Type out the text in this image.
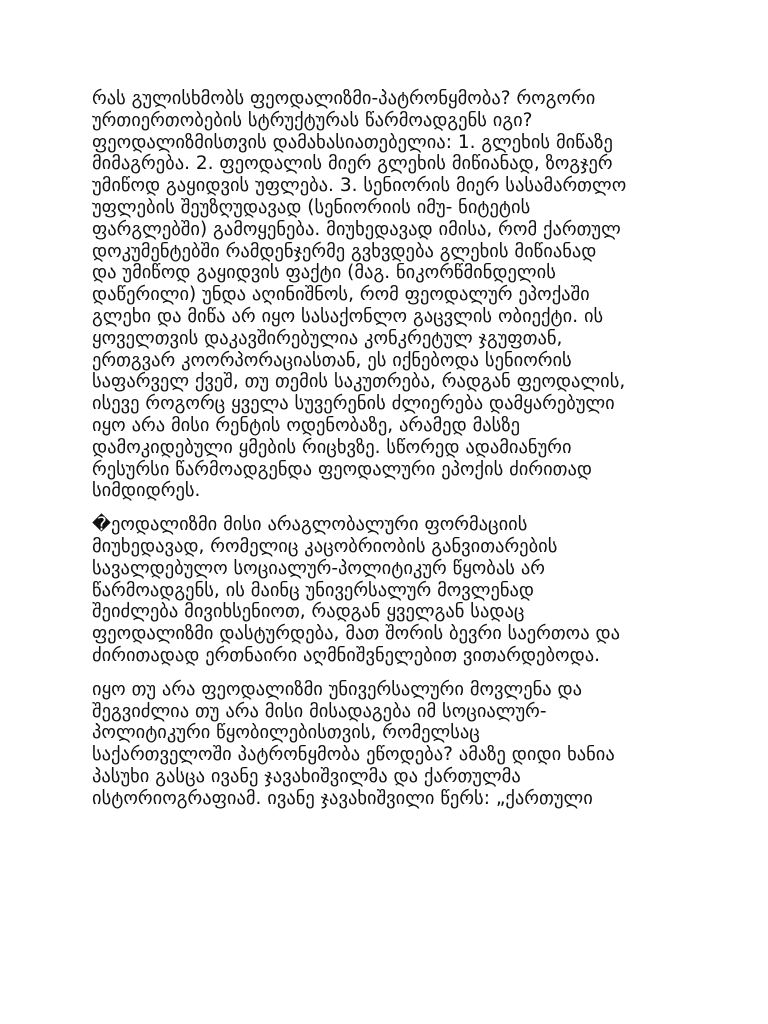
რას გულისხმობს ფეოდალიზმი-პატრონყმობა? როგორი
ურთიერთობების სტრუქტურას წარმოადგენს იგი?
ფეოდალიზმისთვის დამახასიათებელია: 1. გლეხის მიწაზე
მიმაგრება. 2. ფეოდალის მიერ გლეხის მიწიანად, ზოგჯერ
უმიწოდ გაყიდვის უფლება. 3. სენიორის მიერ სასამართლო
უფლების შეუზღუდავად (სენიორიის იმუ- ნიტეტის
ფარგლებში) გამოყენება. მიუხედავად იმისა, რომ ქართულ
დოკუმენტებში რამდენჯერმე გვხვდება გლეხის მიწიანად
და უმიწოდ გაყიდვის ფაქტი (მაგ. ნიკორწმინდელის
დაწერილი) უნდა აღინიშნოს, რომ ფეოდალურ ეპოქაში
გლეხი და მიწა არ იყო სასაქონლო გაცვლის ობიექტი. ის
ყოველთვის დაკავშირებულია კონკრეტულ ჯგუფთან,
ერთგვარ კოორპორაციასთან, ეს იქნებოდა სენიორის
საფარველ ქვეშ, თუ თემის საკუთრება, რადგან ფეოდალის,
ისევე როგორც ყველა სუვერენის ძლიერება დამყარებული
იყო არა მისი რენტის ოდენობაზე, არამედ მასზე
დამოკიდებული ყმების რიცხვზე. სწორედ ადამიანური
რესურსი წარმოადგენდა ფეოდალური ეპოქის ძირითად
სიმდიდრეს.

�ეოდალიზმი მისი არაგლობალური ფორმაციის
მიუხედავად, რომელიც კაცობრიობის განვითარების
სავალდებულო სოციალურ-პოლიტიკურ წყობას არ
წარმოადგენს, ის მაინც უნივერსალურ მოვლენად
შეიძლება მივიხსენიოთ, რადგან ყველგან სადაც
ფეოდალიზმი დასტურდება, მათ შორის ბევრი საერთოა და
ძირითადად ერთნაირი აღმნიშვნელებით ვითარდებოდა.

იყო თუ არა ფეოდალიზმი უნივერსალური მოვლენა და
შეგვიძლია თუ არა მისი მისადაგება იმ სოციალურ-
პოლიტიკური წყობილებისთვის, რომელსაც
საქართველოში პატრონყმობა ეწოდება? ამაზე დიდი ხანია
პასუხი გასცა ივანე ჯავახიშვილმა და ქართულმა
ისტორიოგრაფიამ. ივანე ჯავახიშვილი წერს: „ქართული
